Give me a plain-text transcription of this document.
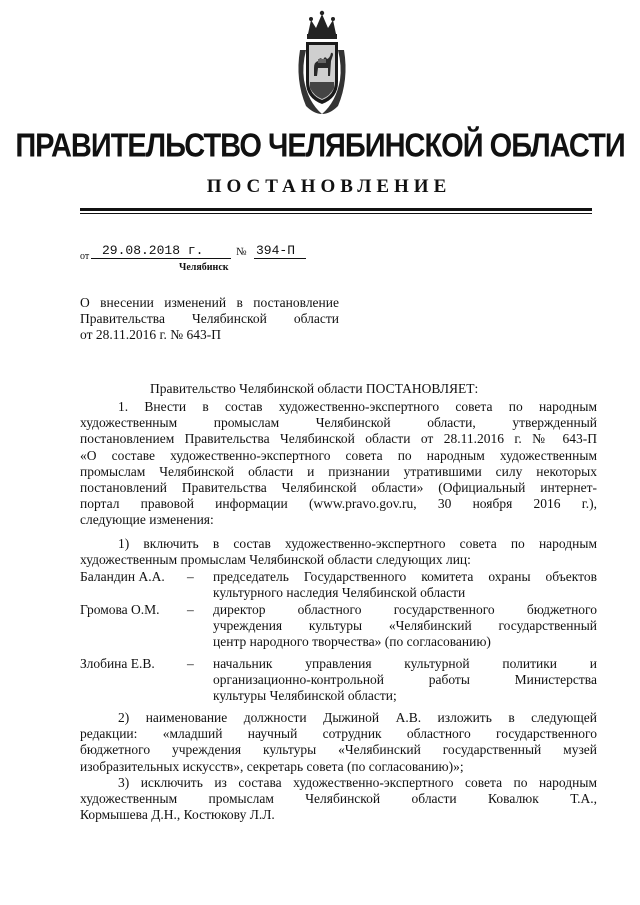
ПРАВИТЕЛЬСТВО ЧЕЛЯБИНСКОЙ ОБЛАСТИ
ПОСТАНОВЛЕНИЕ
от 29.08.2018 г.	№ 394-П
Челябинск
О внесении изменений в постановление
Правительства Челябинской области
от 28.11.2016 г. № 643-П
Правительство Челябинской области ПОСТАНОВЛЯЕТ:
1. Внести в состав художественно-экспертного совета по народным
художественным промыслам Челябинской области, утвержденный
постановлением Правительства Челябинской области от 28.11.2016 г. № 643-П
«О составе художественно-экспертного совета по народным художественным
промыслам Челябинской области и признании утратившими силу некоторых
постановлений Правительства Челябинской области» (Официальный интернет-
портал правовой информации (www.pravo.gov.ru, 30 ноября 2016 г.),
следующие изменения:
1) включить в состав художественно-экспертного совета по народным
художественным промыслам Челябинской области следующих лиц:
Баландин А.А. – председатель Государственного комитета охраны объектов
культурного наследия Челябинской области
Громова О.М. – директор областного государственного бюджетного
учреждения культуры «Челябинский государственный
центр народного творчества» (по согласованию)
Злобина Е.В. – начальник управления культурной политики и
организационно-контрольной работы Министерства
культуры Челябинской области;
2) наименование должности Дыжиной А.В. изложить в следующей
редакции: «младший научный сотрудник областного государственного
бюджетного учреждения культуры «Челябинский государственный музей
изобразительных искусств», секретарь совета (по согласованию)»;
3) исключить из состава художественно-экспертного совета по народным
художественным промыслам Челябинской области Ковалюк Т.А.,
Кормышева Д.Н., Костюкову Л.Л.
